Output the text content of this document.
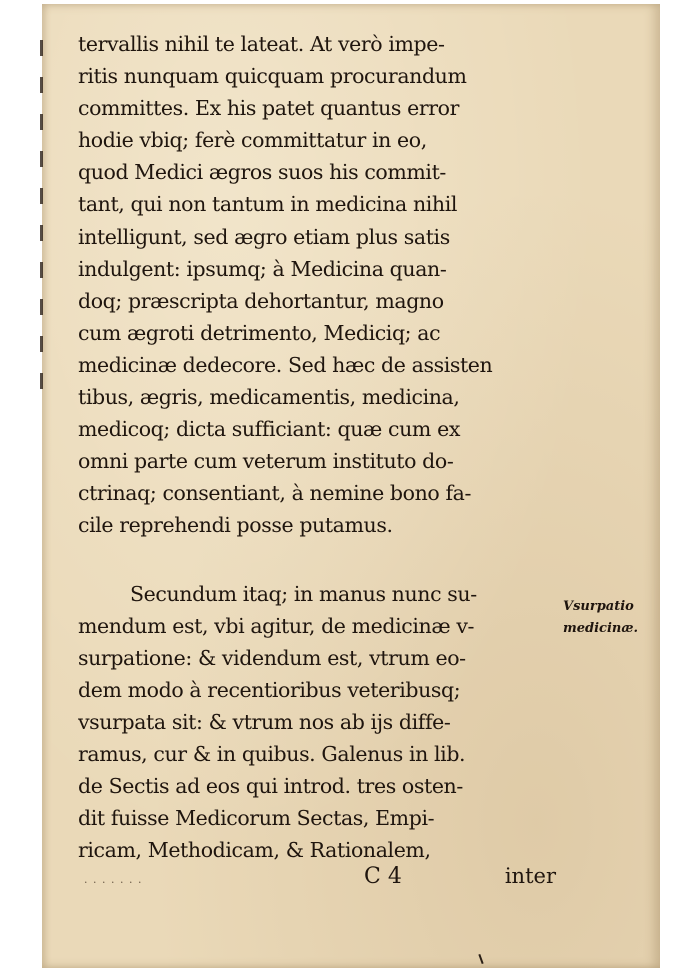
tervallis nihil te lateat. At verò impe-
ritis nunquam quicquam procurandum
committes. Ex his patet quantus error
hodie vbiq; ferè committatur in eo,
quod Medici ægros suos his commit-
tant, qui non tantum in medicina nihil
intelligunt, sed ægro etiam plus satis
indulgent: ipsumq; à Medicina quan-
doq; præscripta dehortantur, magno
cum ægroti detrimento, Mediciq; ac
medicinæ dedecore. Sed hæc de assisten
tibus, ægris, medicamentis, medicina,
medicoq; dicta sufficiant: quæ cum ex
omni parte cum veterum instituto do-
ctrinaq; consentiant, à nemine bono fa-
cile reprehendi posse putamus.
Secundum itaq; in manus nunc su-
mendum est, vbi agitur, de medicinæ v-
surpatione: & videndum est, vtrum eo-
dem modo à recentioribus veteribusq;
vsurpata sit: & vtrum nos ab ijs diffe-
ramus, cur & in quibus. Galenus in lib.
de Sectis ad eos qui introd. tres osten-
dit fuisse Medicorum Sectas, Empi-
ricam, Methodicam, & Rationalem,
Vsurpatio
medicinæ.
· · · · · · ·	C 4	inter
